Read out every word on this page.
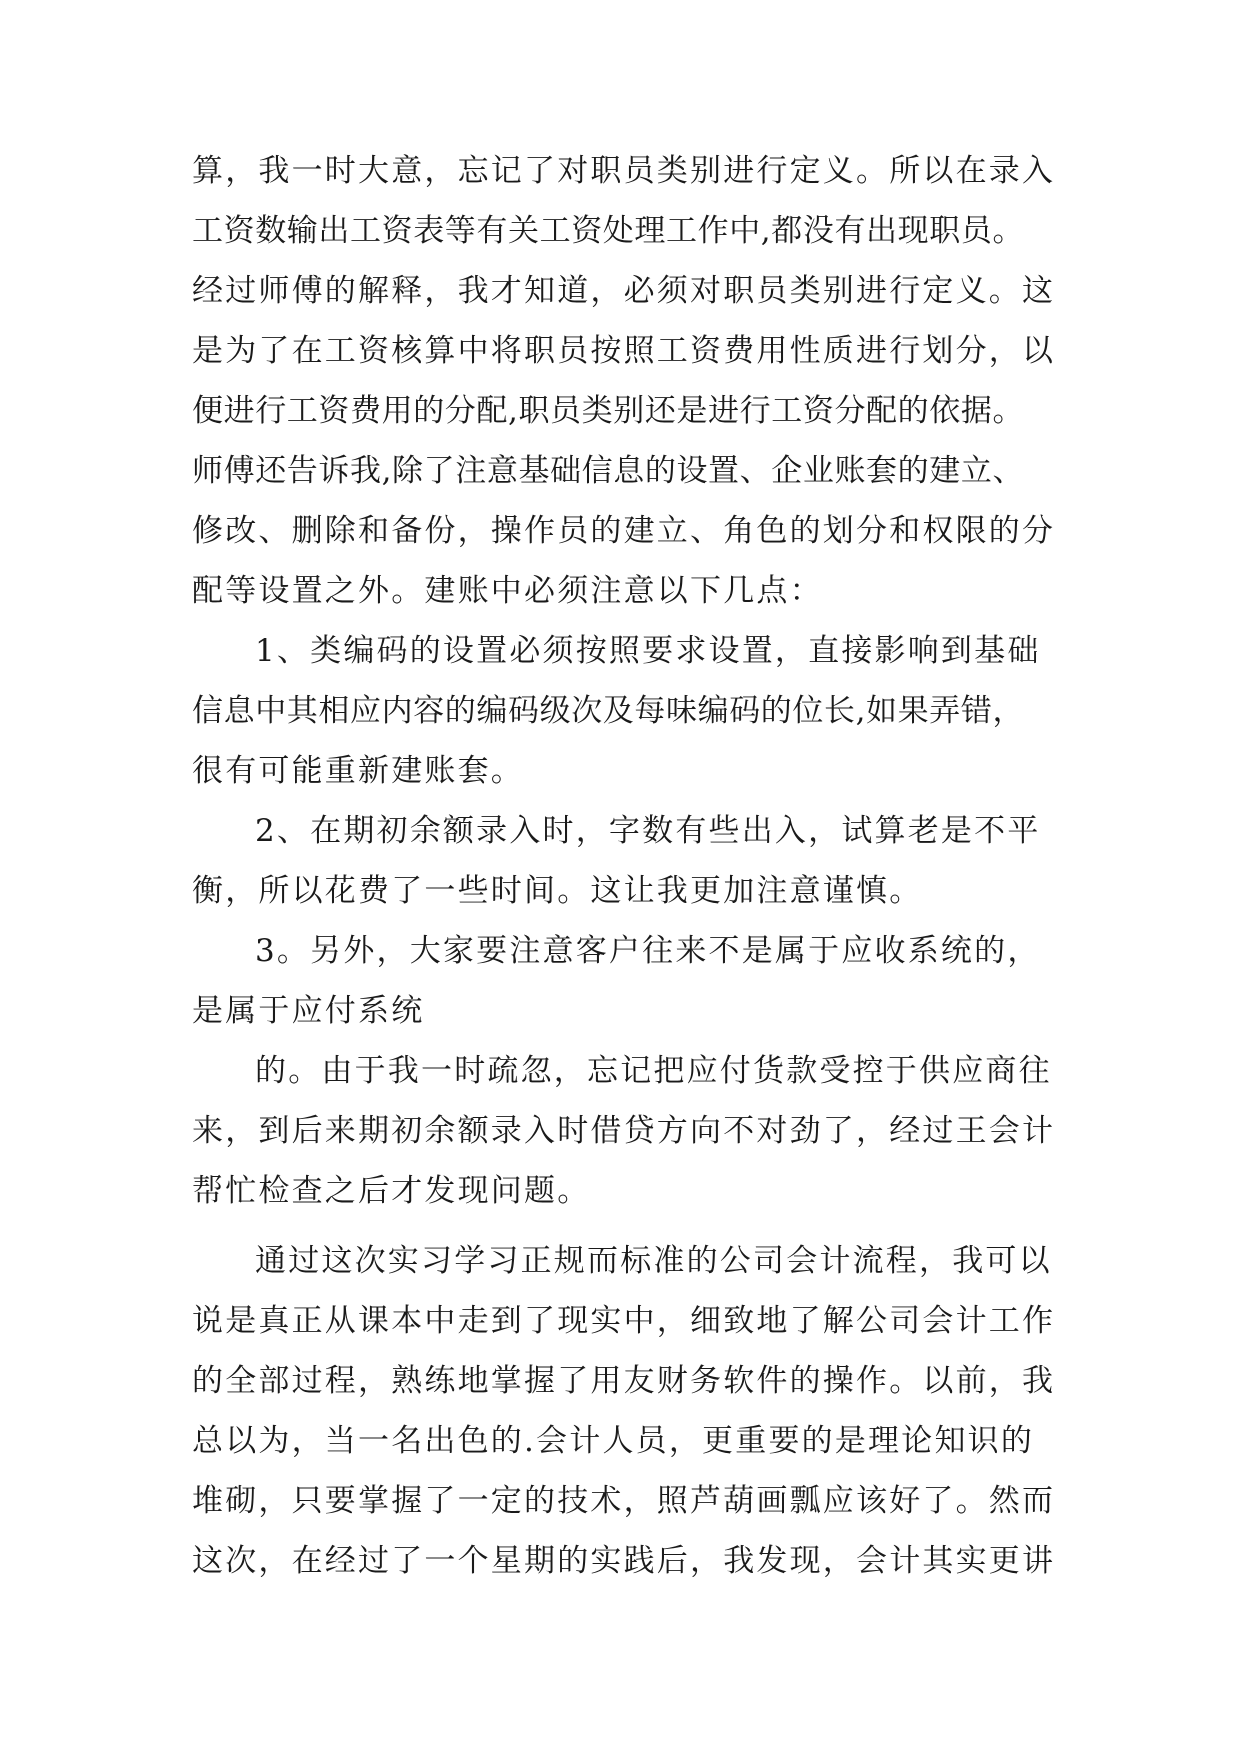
算，我一时大意，忘记了对职员类别进行定义。所以在录入
工资数输出工资表等有关工资处理工作中,都没有出现职员。
经过师傅的解释，我才知道，必须对职员类别进行定义。这
是为了在工资核算中将职员按照工资费用性质进行划分，以
便进行工资费用的分配,职员类别还是进行工资分配的依据。
师傅还告诉我,除了注意基础信息的设置、企业账套的建立、
修改、删除和备份，操作员的建立、角色的划分和权限的分
配等设置之外。建账中必须注意以下几点：
1、类编码的设置必须按照要求设置，直接影响到基础
信息中其相应内容的编码级次及每味编码的位长,如果弄错，
很有可能重新建账套。
2、在期初余额录入时，字数有些出入，试算老是不平
衡，所以花费了一些时间。这让我更加注意谨慎。
3。另外，大家要注意客户往来不是属于应收系统的，
是属于应付系统
的。由于我一时疏忽，忘记把应付货款受控于供应商往
来，到后来期初余额录入时借贷方向不对劲了，经过王会计
帮忙检查之后才发现问题。
通过这次实习学习正规而标准的公司会计流程，我可以
说是真正从课本中走到了现实中，细致地了解公司会计工作
的全部过程，熟练地掌握了用友财务软件的操作。以前，我
总以为，当一名出色的.会计人员，更重要的是理论知识的
堆砌，只要掌握了一定的技术，照芦葫画瓢应该好了。然而
这次，在经过了一个星期的实践后，我发现，会计其实更讲
